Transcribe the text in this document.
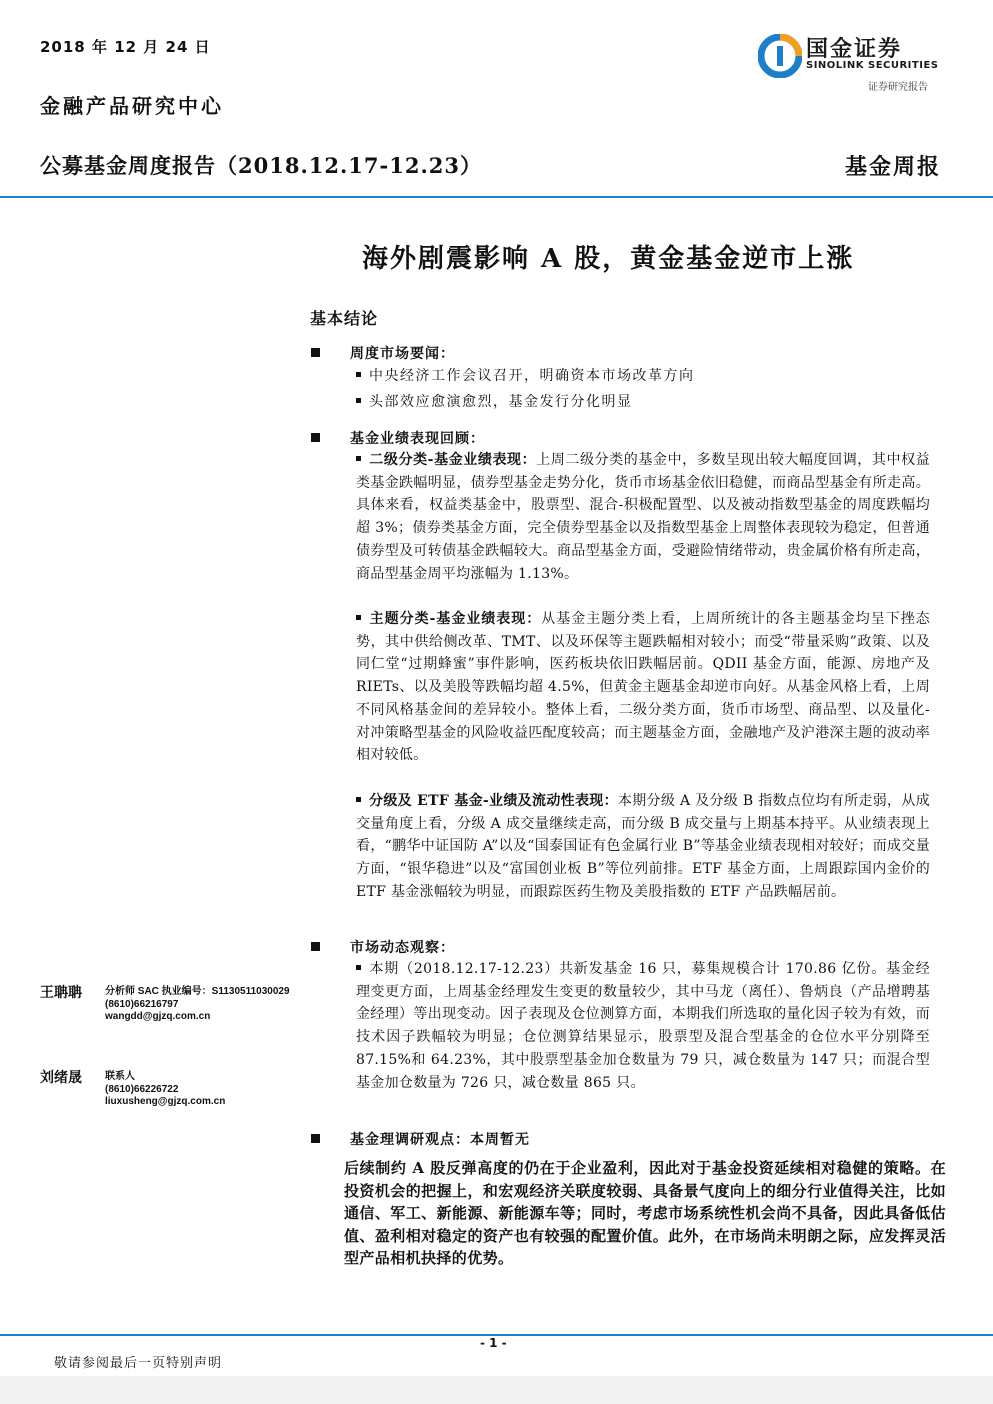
2018 年 12 月 24 日
金融产品研究中心
国金证券
SINOLINK SECURITIES
证券研究报告
公募基金周度报告（2018.12.17-12.23）	基金周报
海外剧震影响 A 股，黄金基金逆市上涨
基本结论
周度市场要闻：
中央经济工作会议召开，明确资本市场改革方向
头部效应愈演愈烈，基金发行分化明显
基金业绩表现回顾：
二级分类-基金业绩表现：上周二级分类的基金中，多数呈现出较大幅度回调，其中权益类基金跌幅明显，债券型基金走势分化，货币市场基金依旧稳健，而商品型基金有所走高。具体来看，权益类基金中，股票型、混合-积极配置型、以及被动指数型基金的周度跌幅均超 3%；债券类基金方面，完全债券型基金以及指数型基金上周整体表现较为稳定，但普通债券型及可转债基金跌幅较大。商品型基金方面，受避险情绪带动，贵金属价格有所走高，商品型基金周平均涨幅为 1.13%。
主题分类-基金业绩表现：从基金主题分类上看，上周所统计的各主题基金均呈下挫态势，其中供给侧改革、TMT、以及环保等主题跌幅相对较小；而受“带量采购”政策、以及同仁堂“过期蜂蜜”事件影响，医药板块依旧跌幅居前。QDII 基金方面，能源、房地产及 RIETs、以及美股等跌幅均超 4.5%，但黄金主题基金却逆市向好。从基金风格上看，上周不同风格基金间的差异较小。整体上看，二级分类方面，货币市场型、商品型、以及量化-对冲策略型基金的风险收益匹配度较高；而主题基金方面，金融地产及沪港深主题的波动率相对较低。
分级及 ETF 基金-业绩及流动性表现：本期分级 A 及分级 B 指数点位均有所走弱，从成交量角度上看，分级 A 成交量继续走高，而分级 B 成交量与上期基本持平。从业绩表现上看，“鹏华中证国防 A”以及“国泰国证有色金属行业 B”等基金业绩表现相对较好；而成交量方面，“银华稳进”以及“富国创业板 B”等位列前排。ETF 基金方面，上周跟踪国内金价的 ETF 基金涨幅较为明显，而跟踪医药生物及美股指数的 ETF 产品跌幅居前。
市场动态观察：
本期（2018.12.17-12.23）共新发基金 16 只，募集规模合计 170.86 亿份。基金经理变更方面，上周基金经理发生变更的数量较少，其中马龙（离任）、鲁炳良（产品增聘基金经理）等出现变动。因子表现及仓位测算方面，本期我们所选取的量化因子较为有效，而技术因子跌幅较为明显；仓位测算结果显示，股票型及混合型基金的仓位水平分别降至 87.15%和 64.23%，其中股票型基金加仓数量为 79 只，减仓数量为 147 只；而混合型基金加仓数量为 726 只，减仓数量 865 只。
王聃聃 分析师 SAC 执业编号：S1130511030029
(8610)66216797
wangdd@gjzq.com.cn
刘绪晟 联系人
(8610)66226722
liuxusheng@gjzq.com.cn
基金理调研观点：本周暂无
后续制约 A 股反弹高度的仍在于企业盈利，因此对于基金投资延续相对稳健的策略。在投资机会的把握上，和宏观经济关联度较弱、具备景气度向上的细分行业值得关注，比如通信、军工、新能源、新能源车等；同时，考虑市场系统性机会尚不具备，因此具备低估值、盈利相对稳定的资产也有较强的配置价值。此外，在市场尚未明朗之际，应发挥灵活型产品相机抉择的优势。
- 1 -
敬请参阅最后一页特别声明
